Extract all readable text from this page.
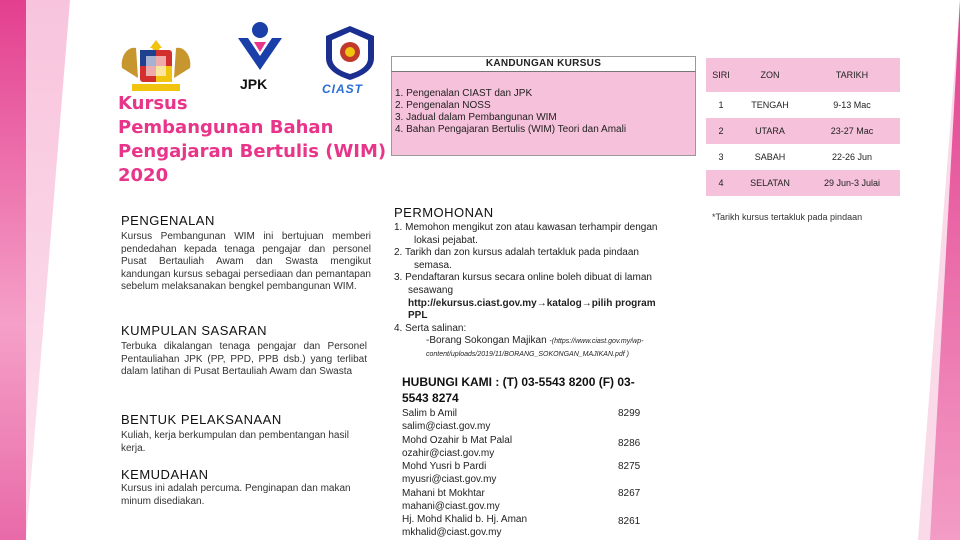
JPK	CIAST
Kursus
Pembangunan Bahan
Pengajaran Bertulis (WIM)
2020
PENGENALAN
Kursus Pembangunan WIM ini bertujuan memberi pendedahan kepada tenaga pengajar dan personel Pusat Bertauliah Awam dan Swasta mengikut kandungan kursus sebagai persediaan dan pemantapan sebelum melaksanakan bengkel pembangunan WIM.
KUMPULAN SASARAN
Terbuka dikalangan tenaga pengajar dan Personel Pentauliahan JPK (PP, PPD, PPB dsb.) yang terlibat dalam latihan di Pusat Bertauliah Awam dan Swasta
BENTUK PELAKSANAAN
Kuliah, kerja berkumpulan dan pembentangan hasil kerja.
KEMUDAHAN
Kursus ini adalah percuma. Penginapan dan makan minum disediakan.
KANDUNGAN KURSUS
1. Pengenalan CIAST dan JPK
2. Pengenalan NOSS
3. Jadual dalam Pembangunan WIM
4. Bahan Pengajaran Bertulis (WIM) Teori dan Amali
SIRI	ZON	TARIKH
1	TENGAH	9-13 Mac
2	UTARA	23-27 Mac
3	SABAH	22-26 Jun
4	SELATAN	29 Jun-3 Julai
*Tarikh kursus tertakluk pada pindaan
PERMOHONAN
1. Memohon mengikut zon atau kawasan terhampir dengan
lokasi pejabat.
2. Tarikh dan zon kursus adalah tertakluk pada pindaan
semasa.
3. Pendaftaran kursus secara online boleh dibuat di laman
sesawang
http://ekursus.ciast.gov.my→katalog→pilih program
PPL
4. Serta salinan:
-Borang Sokongan Majikan -(https://www.ciast.gov.my/wp-
content/uploads/2019/11/BORANG_SOKONGAN_MAJIKAN.pdf )
HUBUNGI KAMI : (T) 03-5543 8200 (F) 03-
5543 8274
Salim b Amil
salim@ciast.gov.my
8299
Mohd Ozahir b Mat Palal
ozahir@ciast.gov.my
8286
Mohd Yusri b Pardi
myusri@ciast.gov.my
8275
Mahani bt Mokhtar
mahani@ciast.gov.my
8267
Hj. Mohd Khalid b. Hj. Aman
mkhalid@ciast.gov.my
8261
